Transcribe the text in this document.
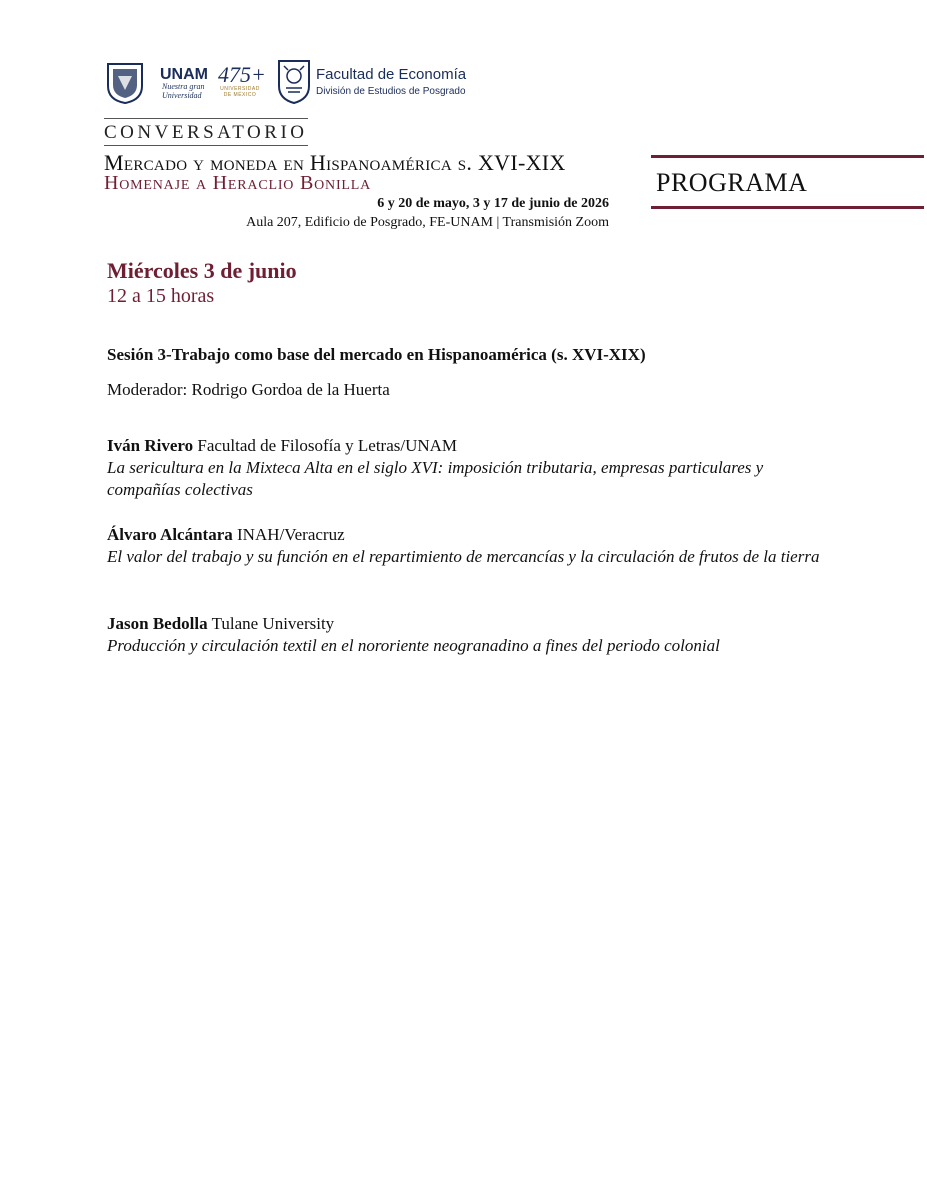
UNAM
Nuestra gran Universidad
475+
UNIVERSIDAD DE MÉXICO
Facultad de Economía
División de Estudios de Posgrado
CONVERSATORIO
Mercado y moneda en Hispanoamérica s. XVI-XIX
Homenaje a Heraclio Bonilla
6 y 20 de mayo, 3 y 17 de junio de 2026
Aula 207, Edificio de Posgrado, FE-UNAM | Transmisión Zoom
PROGRAMA
Miércoles 3 de junio
12 a 15 horas
Sesión 3-Trabajo como base del mercado en Hispanoamérica (s. XVI-XIX)
Moderador: Rodrigo Gordoa de la Huerta
Iván Rivero Facultad de Filosofía y Letras/UNAM
La sericultura en la Mixteca Alta en el siglo XVI: imposición tributaria, empresas particulares y compañías colectivas
Álvaro Alcántara INAH/Veracruz
El valor del trabajo y su función en el repartimiento de mercancías y la circulación de frutos de la tierra
Jason Bedolla Tulane University
Producción y circulación textil en el nororiente neogranadino a fines del periodo colonial
